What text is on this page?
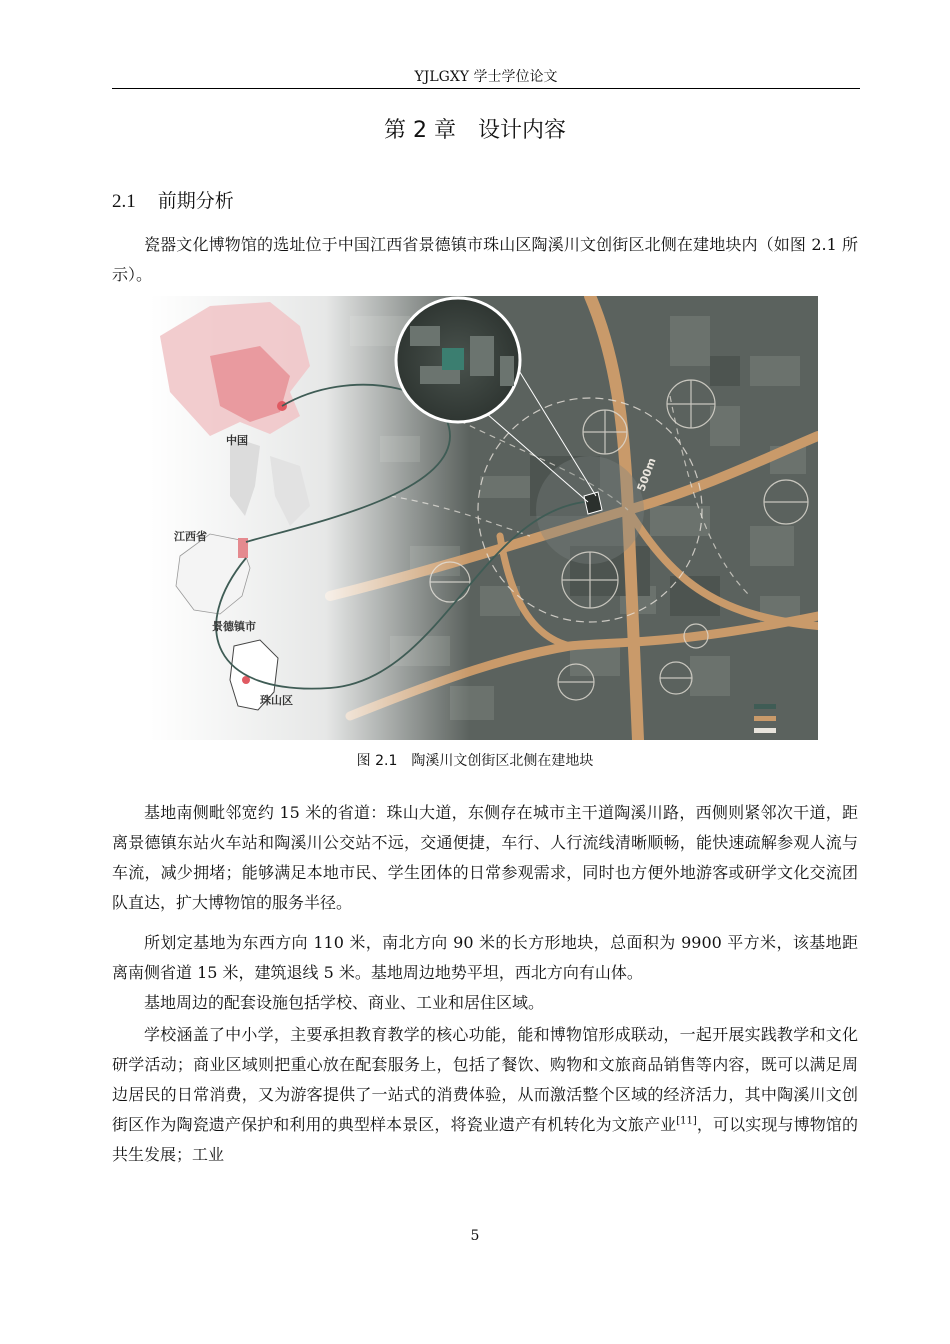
YJLGXY 学士学位论文
第 2 章　设计内容
2.1 前期分析

瓷器文化博物馆的选址位于中国江西省景德镇市珠山区陶溪川文创街区北侧在建地块内（如图 2.1 所示）。

中国
江西省
景德镇市
珠山区
500m
图 2.1 陶溪川文创街区北侧在建地块

基地南侧毗邻宽约 15 米的省道：珠山大道，东侧存在城市主干道陶溪川路，西侧则紧邻次干道，距离景德镇东站火车站和陶溪川公交站不远，交通便捷，车行、人行流线清晰顺畅，能快速疏解参观人流与车流，减少拥堵；能够满足本地市民、学生团体的日常参观需求，同时也方便外地游客或研学文化交流团队直达，扩大博物馆的服务半径。

所划定基地为东西方向 110 米，南北方向 90 米的长方形地块，总面积为 9900 平方米，该基地距离南侧省道 15 米，建筑退线 5 米。基地周边地势平坦，西北方向有山体。

基地周边的配套设施包括学校、商业、工业和居住区域。

学校涵盖了中小学，主要承担教育教学的核心功能，能和博物馆形成联动，一起开展实践教学和文化研学活动；商业区域则把重心放在配套服务上，包括了餐饮、购物和文旅商品销售等内容，既可以满足周边居民的日常消费，又为游客提供了一站式的消费体验，从而激活整个区域的经济活力，其中陶溪川文创街区作为陶瓷遗产保护和利用的典型样本景区，将瓷业遗产有机转化为文旅产业[11]，可以实现与博物馆的共生发展；工业

5
